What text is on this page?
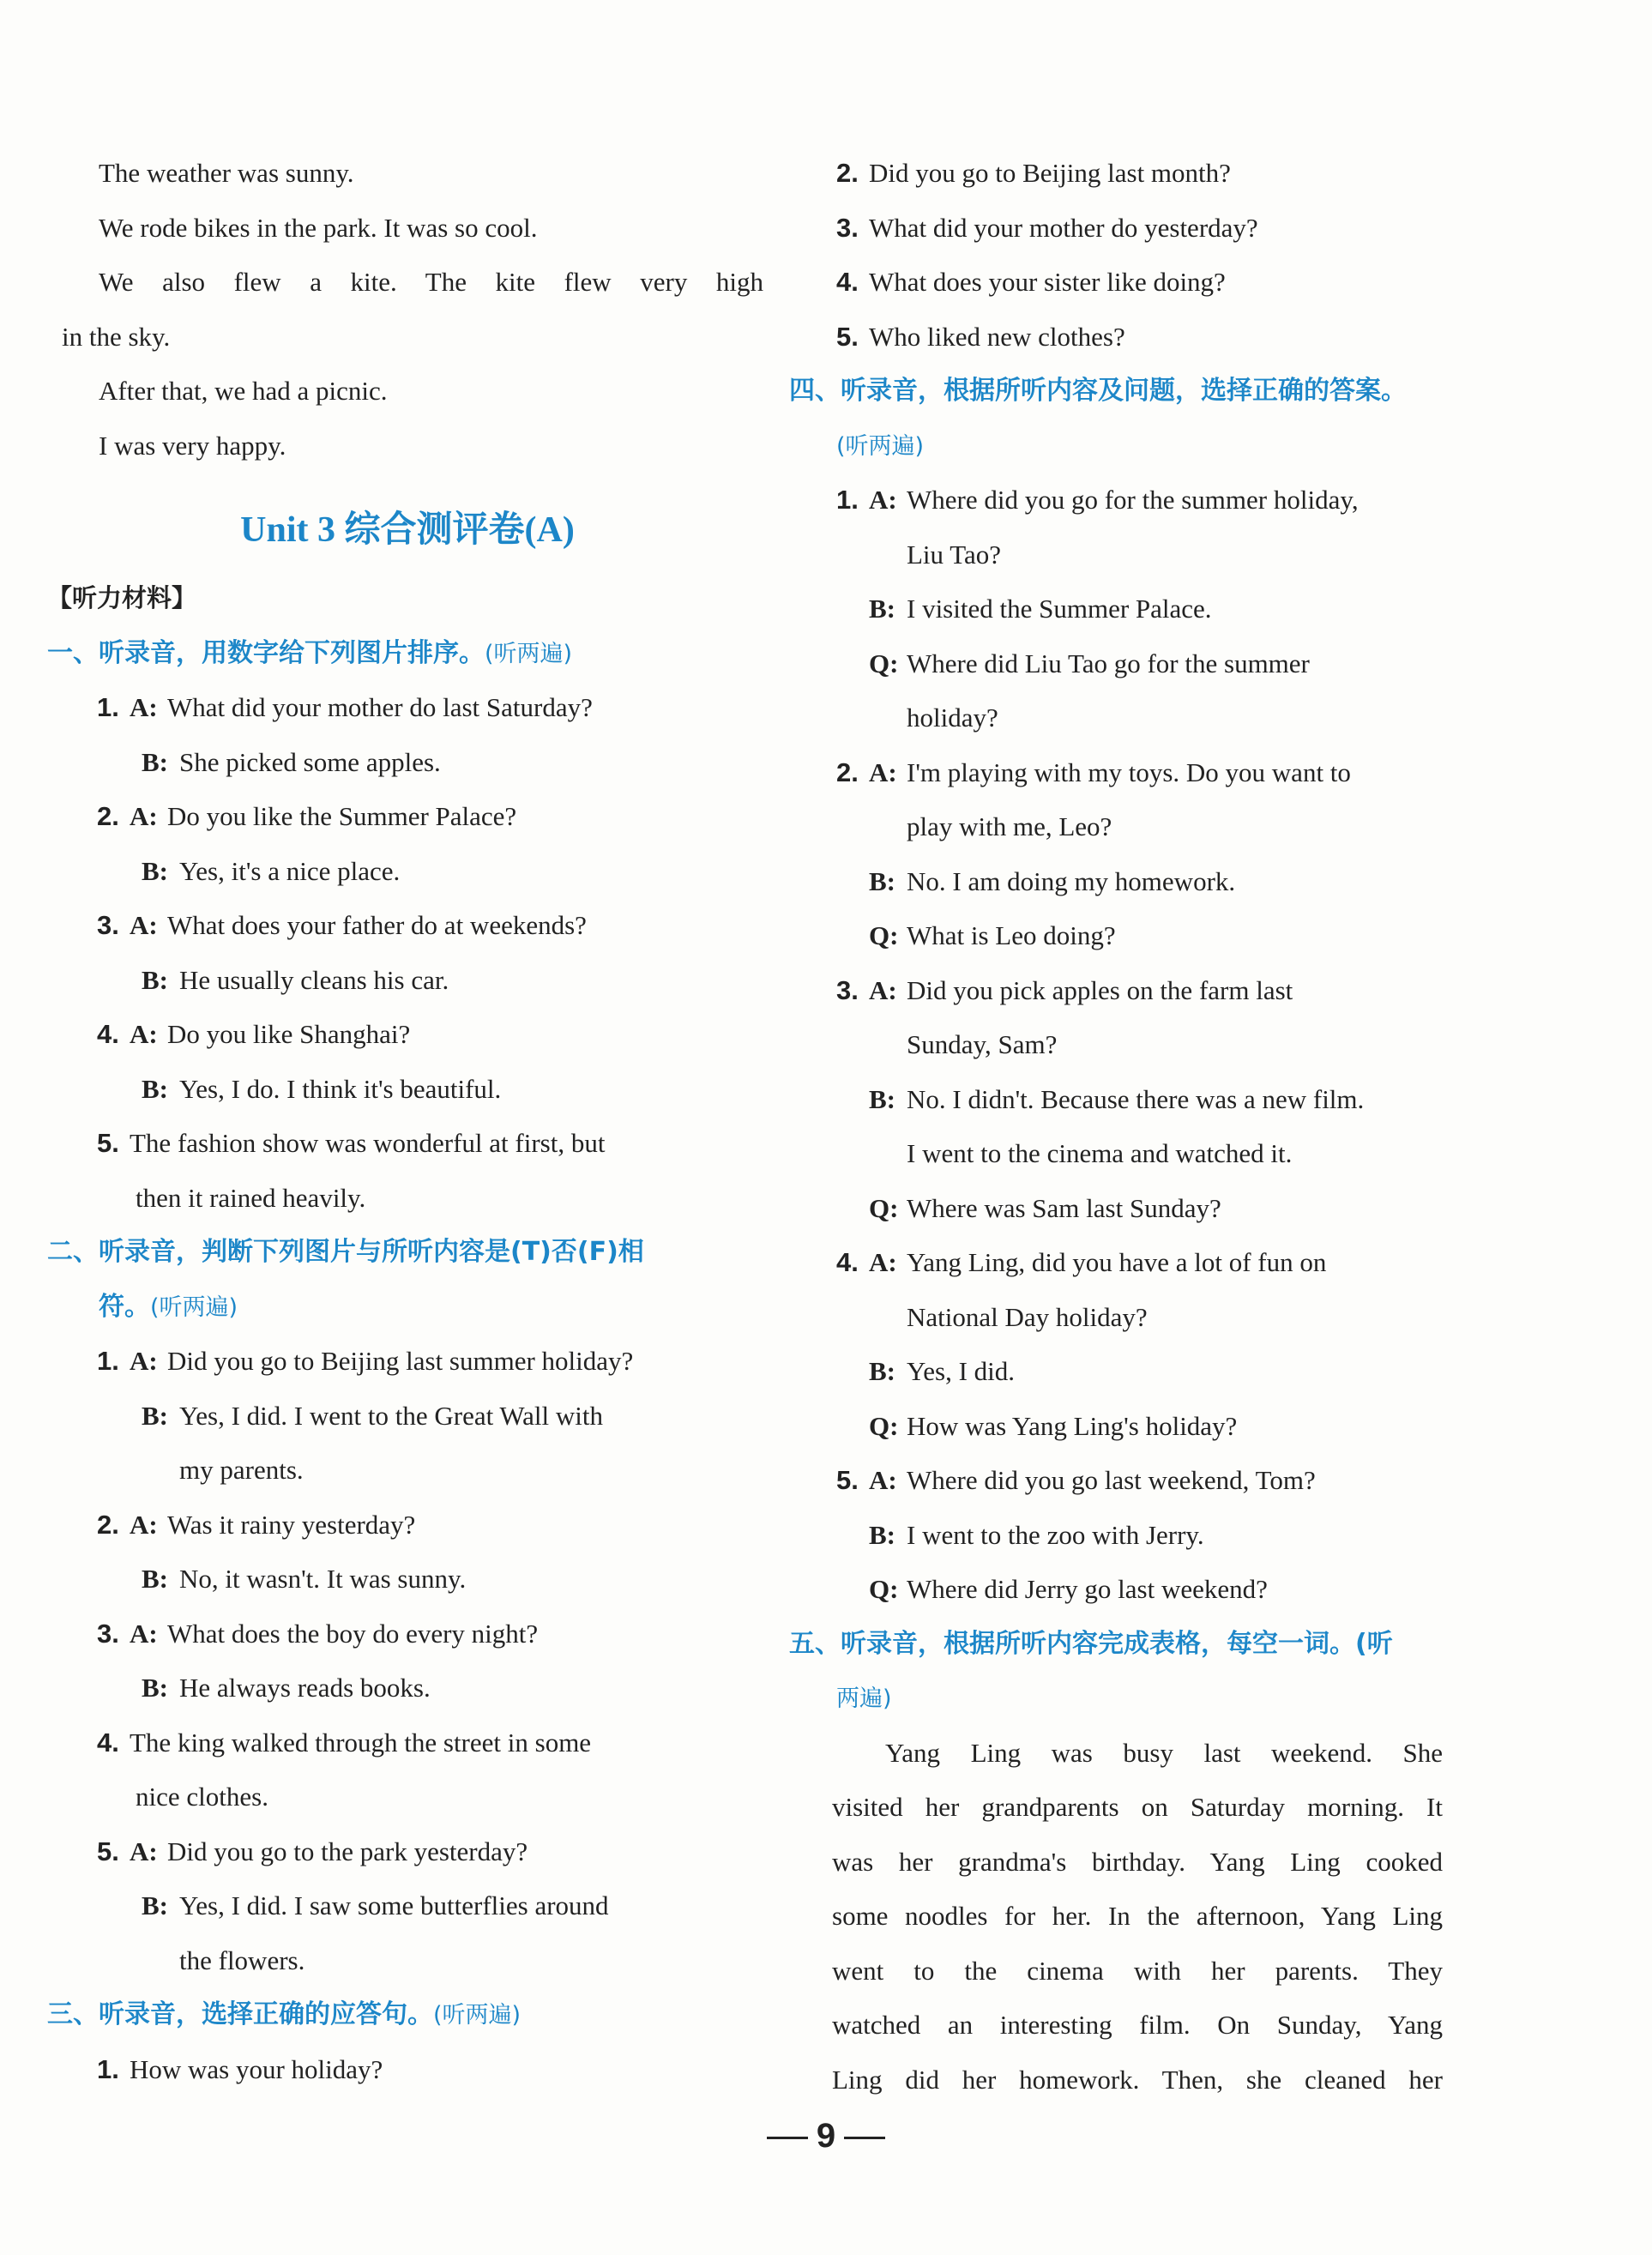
The weather was sunny.
We rode bikes in the park. It was so cool.
We also flew a kite. The kite flew very high
in the sky.
After that, we had a picnic.
I was very happy.
Unit 3 综合测评卷(A)
【听力材料】
一、听录音，用数字给下列图片排序。(听两遍)
1. A: What did your mother do last Saturday?
B: She picked some apples.
2. A: Do you like the Summer Palace?
B: Yes, it's a nice place.
3. A: What does your father do at weekends?
B: He usually cleans his car.
4. A: Do you like Shanghai?
B: Yes, I do. I think it's beautiful.
5. The fashion show was wonderful at first, but
then it rained heavily.
二、听录音，判断下列图片与所听内容是(T)否(F)相
符。(听两遍)
1. A: Did you go to Beijing last summer holiday?
B: Yes, I did. I went to the Great Wall with
my parents.
2. A: Was it rainy yesterday?
B: No, it wasn't. It was sunny.
3. A: What does the boy do every night?
B: He always reads books.
4. The king walked through the street in some
nice clothes.
5. A: Did you go to the park yesterday?
B: Yes, I did. I saw some butterflies around
the flowers.
三、听录音，选择正确的应答句。(听两遍)
1. How was your holiday?
2. Did you go to Beijing last month?
3. What did your mother do yesterday?
4. What does your sister like doing?
5. Who liked new clothes?
四、听录音，根据所听内容及问题，选择正确的答案。
(听两遍)
1. A: Where did you go for the summer holiday,
Liu Tao?
B: I visited the Summer Palace.
Q: Where did Liu Tao go for the summer
holiday?
2. A: I'm playing with my toys. Do you want to
play with me, Leo?
B: No. I am doing my homework.
Q: What is Leo doing?
3. A: Did you pick apples on the farm last
Sunday, Sam?
B: No. I didn't. Because there was a new film.
I went to the cinema and watched it.
Q: Where was Sam last Sunday?
4. A: Yang Ling, did you have a lot of fun on
National Day holiday?
B: Yes, I did.
Q: How was Yang Ling's holiday?
5. A: Where did you go last weekend, Tom?
B: I went to the zoo with Jerry.
Q: Where did Jerry go last weekend?
五、听录音，根据所听内容完成表格，每空一词。(听
两遍)
Yang Ling was busy last weekend. She
visited her grandparents on Saturday morning. It
was her grandma's birthday. Yang Ling cooked
some noodles for her. In the afternoon, Yang Ling
went to the cinema with her parents. They
watched an interesting film. On Sunday, Yang
Ling did her homework. Then, she cleaned her
9
